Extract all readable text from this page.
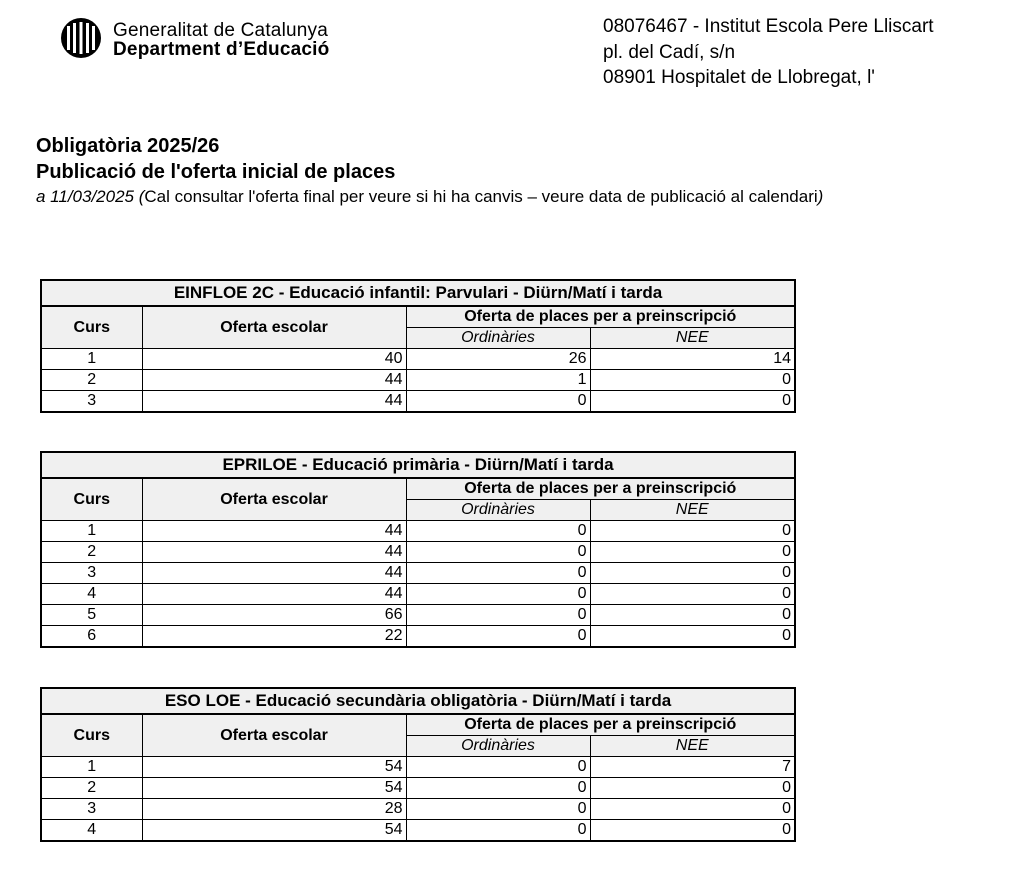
Generalitat de Catalunya
Department d’Educació
08076467 - Institut Escola Pere Lliscart
pl. del Cadí, s/n
08901 Hospitalet de Llobregat, l'
Obligatòria 2025/26
Publicació de l'oferta inicial de places
a 11/03/2025 (Cal consultar l'oferta final per veure si hi ha canvis – veure data de publicació al calendari)
EINFLOE 2C - Educació infantil: Parvulari - Diürn/Matí i tarda			
Curs	Oferta escolar	Oferta de places per a preinscripció	
		Ordinàries	NEE
1	40	26	14
2	44	1	0
3	44	0	0
EPRILOE - Educació primària - Diürn/Matí i tarda			
Curs	Oferta escolar	Oferta de places per a preinscripció	
		Ordinàries	NEE
1	44	0	0
2	44	0	0
3	44	0	0
4	44	0	0
5	66	0	0
6	22	0	0
ESO LOE - Educació secundària obligatòria - Diürn/Matí i tarda			
Curs	Oferta escolar	Oferta de places per a preinscripció	
		Ordinàries	NEE
1	54	0	7
2	54	0	0
3	28	0	0
4	54	0	0
